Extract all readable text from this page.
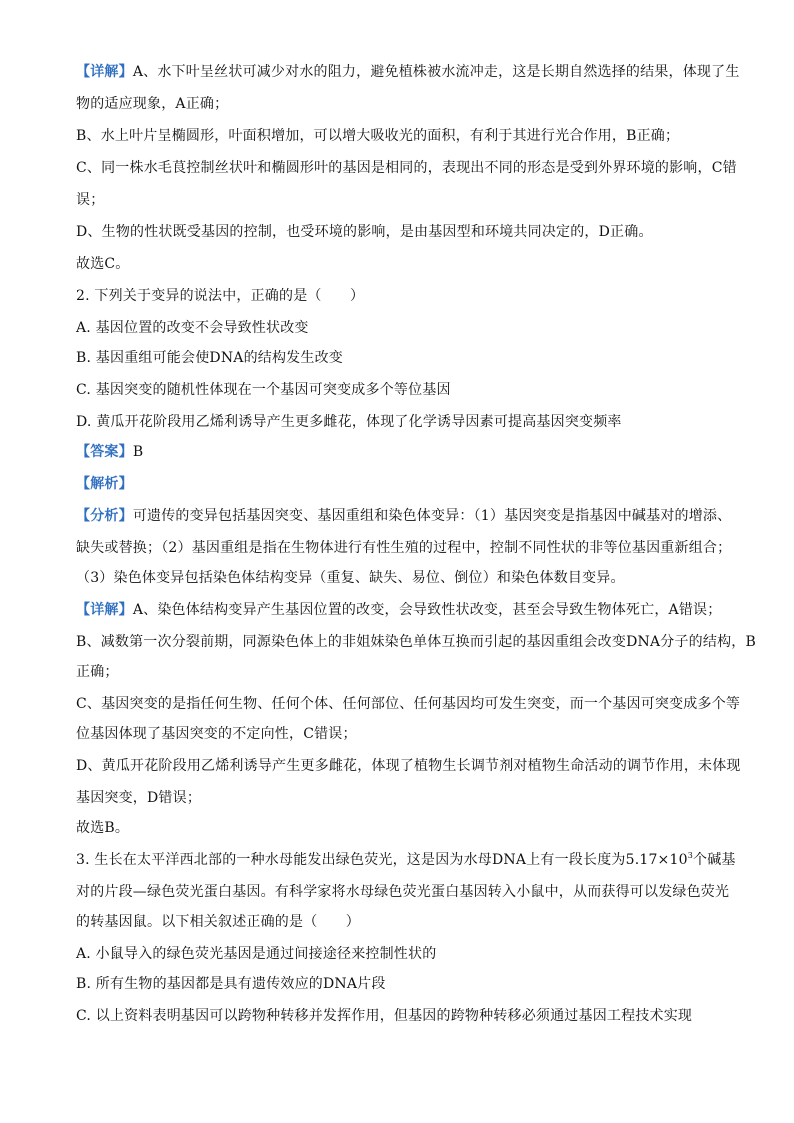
【详解】A、水下叶呈丝状可减少对水的阻力，避免植株被水流冲走，这是长期自然选择的结果，体现了生
物的适应现象，A正确；
B、水上叶片呈椭圆形，叶面积增加，可以增大吸收光的面积，有利于其进行光合作用，B正确；
C、同一株水毛茛控制丝状叶和椭圆形叶的基因是相同的，表现出不同的形态是受到外界环境的影响，C错
误；
D、生物的性状既受基因的控制，也受环境的影响，是由基因型和环境共同决定的，D正确。
故选C。
2. 下列关于变异的说法中，正确的是（　　）
A. 基因位置的改变不会导致性状改变
B. 基因重组可能会使DNA的结构发生改变
C. 基因突变的随机性体现在一个基因可突变成多个等位基因
D. 黄瓜开花阶段用乙烯利诱导产生更多雌花，体现了化学诱导因素可提高基因突变频率
【答案】B
【解析】
【分析】可遗传的变异包括基因突变、基因重组和染色体变异：（1）基因突变是指基因中碱基对的增添、
缺失或替换；（2）基因重组是指在生物体进行有性生殖的过程中，控制不同性状的非等位基因重新组合；
（3）染色体变异包括染色体结构变异（重复、缺失、易位、倒位）和染色体数目变异。
【详解】A、染色体结构变异产生基因位置的改变，会导致性状改变，甚至会导致生物体死亡，A错误；
B、减数第一次分裂前期，同源染色体上的非姐妹染色单体互换而引起的基因重组会改变DNA分子的结构，B
正确；
C、基因突变的是指任何生物、任何个体、任何部位、任何基因均可发生突变，而一个基因可突变成多个等
位基因体现了基因突变的不定向性，C错误；
D、黄瓜开花阶段用乙烯利诱导产生更多雌花，体现了植物生长调节剂对植物生命活动的调节作用，未体现
基因突变，D错误；
故选B。
3. 生长在太平洋西北部的一种水母能发出绿色荧光，这是因为水母DNA上有一段长度为$5.17\times 10^3$个碱基
对的片段—绿色荧光蛋白基因。有科学家将水母绿色荧光蛋白基因转入小鼠中，从而获得可以发绿色荧光
的转基因鼠。以下相关叙述正确的是（　　）
A. 小鼠导入的绿色荧光基因是通过间接途径来控制性状的
B. 所有生物的基因都是具有遗传效应的DNA片段
C. 以上资料表明基因可以跨物种转移并发挥作用，但基因的跨物种转移必须通过基因工程技术实现
